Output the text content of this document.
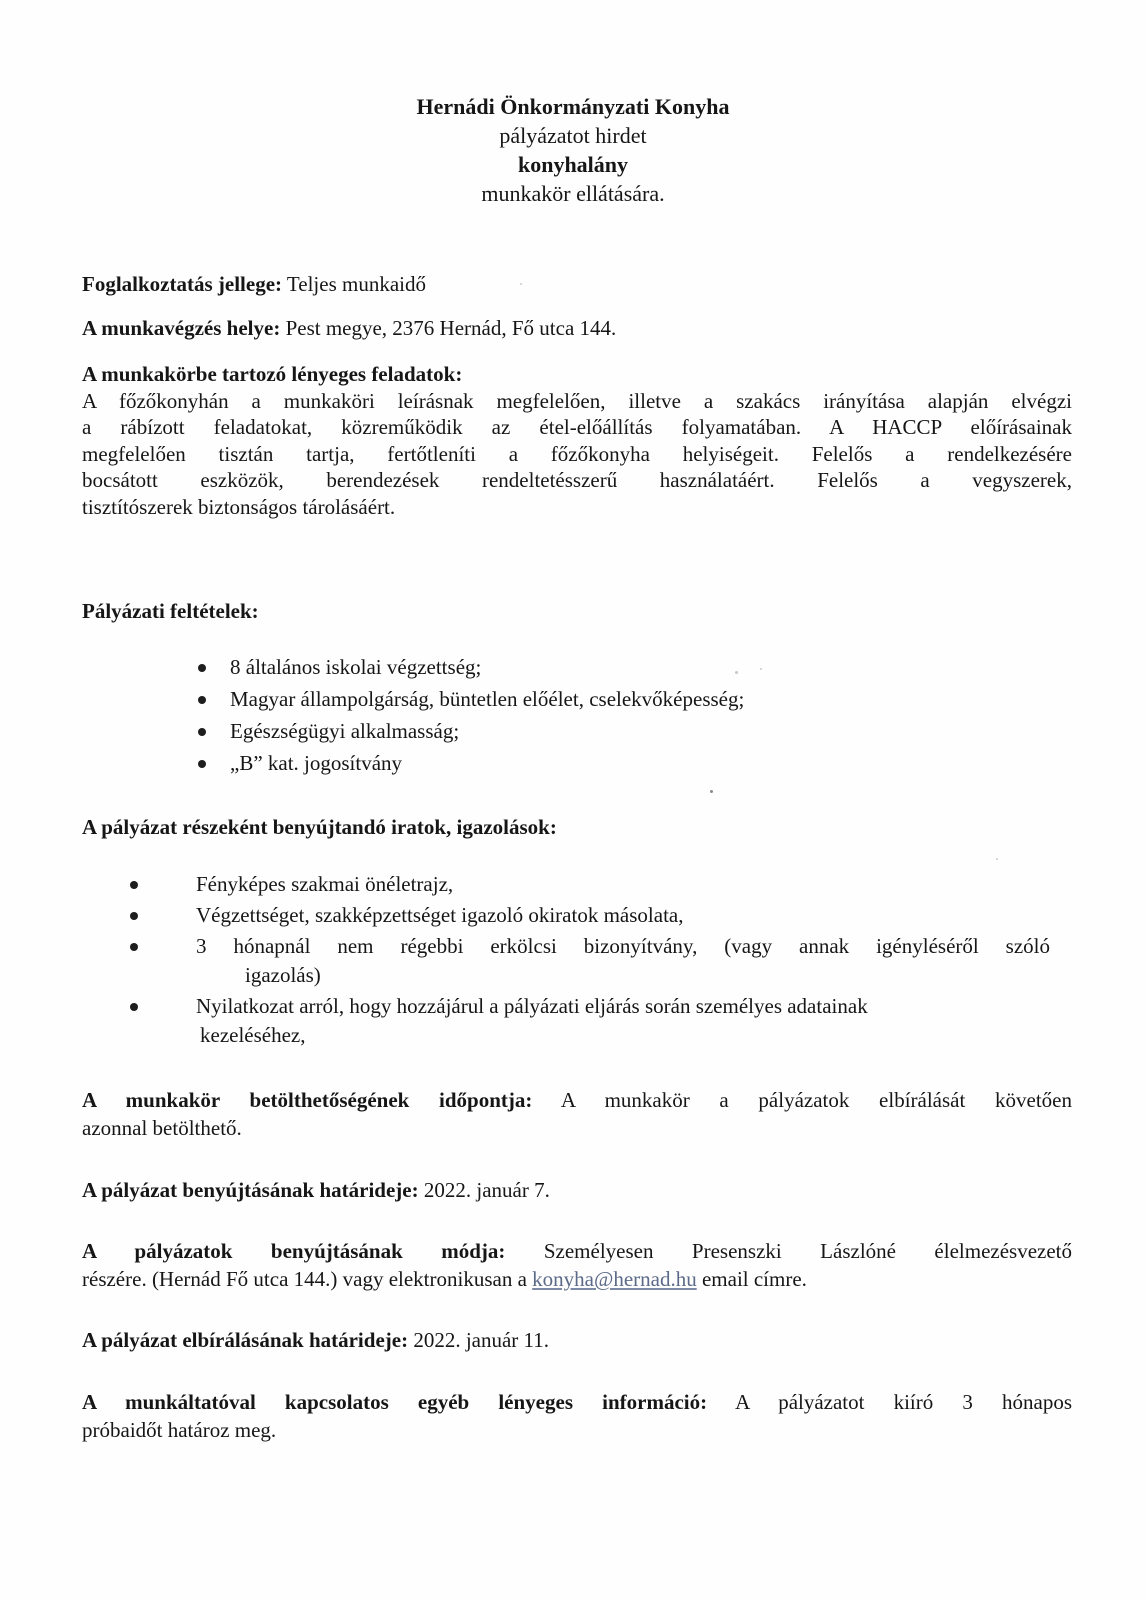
Hernádi Önkormányzati Konyha
pályázatot hirdet
konyhalány
munkakör ellátására.
Foglalkoztatás jellege: Teljes munkaidő
A munkavégzés helye: Pest megye, 2376 Hernád, Fő utca 144.
A munkakörbe tartozó lényeges feladatok:
A főzőkonyhán a munkaköri leírásnak megfelelően, illetve a szakács irányítása alapján elvégzi
a rábízott feladatokat, közreműködik az étel-előállítás folyamatában. A HACCP előírásainak
megfelelően tisztán tartja, fertőtleníti a főzőkonyha helyiségeit. Felelős a rendelkezésére
bocsátott eszközök, berendezések rendeltetésszerű használatáért. Felelős a vegyszerek,
tisztítószerek biztonságos tárolásáért.
Pályázati feltételek:
8 általános iskolai végzettség;
Magyar állampolgárság, büntetlen előélet, cselekvőképesség;
Egészségügyi alkalmasság;
„B” kat. jogosítvány
A pályázat részeként benyújtandó iratok, igazolások:
Fényképes szakmai önéletrajz,
Végzettséget, szakképzettséget igazoló okiratok másolata,
3 hónapnál nem régebbi erkölcsi bizonyítvány, (vagy annak igényléséről szóló
igazolás)
Nyilatkozat arról, hogy hozzájárul a pályázati eljárás során személyes adatainak
kezeléséhez,
A munkakör betölthetőségének időpontja: A munkakör a pályázatok elbírálását követően
azonnal betölthető.
A pályázat benyújtásának határideje: 2022. január 7.
A pályázatok benyújtásának módja: Személyesen Presenszki Lászlóné élelmezésvezető
részére. (Hernád Fő utca 144.) vagy elektronikusan a konyha@hernad.hu email címre.
A pályázat elbírálásának határideje: 2022. január 11.
A munkáltatóval kapcsolatos egyéb lényeges információ: A pályázatot kiíró 3 hónapos
próbaidőt határoz meg.
